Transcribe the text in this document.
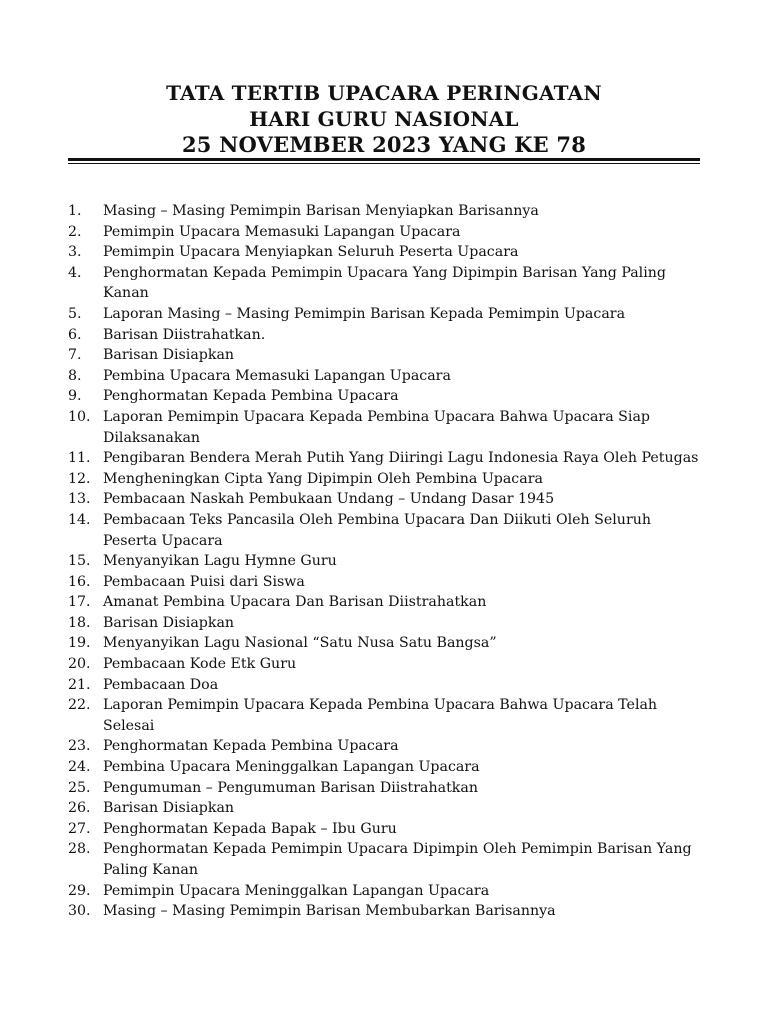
TATA TERTIB UPACARA PERINGATAN
HARI GURU NASIONAL
25 NOVEMBER 2023 YANG KE 78
1.	Masing – Masing Pemimpin Barisan Menyiapkan Barisannya
2.	Pemimpin Upacara Memasuki Lapangan Upacara
3.	Pemimpin Upacara Menyiapkan Seluruh Peserta Upacara
4.	Penghormatan Kepada Pemimpin Upacara Yang Dipimpin Barisan Yang Paling Kanan
5.	Laporan Masing – Masing Pemimpin Barisan Kepada Pemimpin Upacara
6.	Barisan Diistrahatkan.
7.	Barisan Disiapkan
8.	Pembina Upacara Memasuki Lapangan Upacara
9.	Penghormatan Kepada Pembina Upacara
10. Laporan Pemimpin Upacara Kepada Pembina Upacara Bahwa Upacara Siap Dilaksanakan
11. Pengibaran Bendera Merah Putih Yang Diiringi Lagu Indonesia Raya Oleh Petugas
12. Mengheningkan Cipta Yang Dipimpin Oleh Pembina Upacara
13. Pembacaan Naskah Pembukaan Undang – Undang Dasar 1945
14. Pembacaan Teks Pancasila Oleh Pembina Upacara Dan Diikuti Oleh Seluruh Peserta Upacara
15. Menyanyikan Lagu Hymne Guru
16. Pembacaan Puisi dari Siswa
17. Amanat Pembina Upacara Dan Barisan Diistrahatkan
18. Barisan Disiapkan
19. Menyanyikan Lagu Nasional “Satu Nusa Satu Bangsa”
20. Pembacaan Kode Etk Guru
21. Pembacaan Doa
22. Laporan Pemimpin Upacara Kepada Pembina Upacara Bahwa Upacara Telah Selesai
23. Penghormatan Kepada Pembina Upacara
24. Pembina Upacara Meninggalkan Lapangan Upacara
25. Pengumuman – Pengumuman Barisan Diistrahatkan
26. Barisan Disiapkan
27. Penghormatan Kepada Bapak – Ibu Guru
28. Penghormatan Kepada Pemimpin Upacara Dipimpin Oleh Pemimpin Barisan Yang Paling Kanan
29. Pemimpin Upacara Meninggalkan Lapangan Upacara
30. Masing – Masing Pemimpin Barisan Membubarkan Barisannya
